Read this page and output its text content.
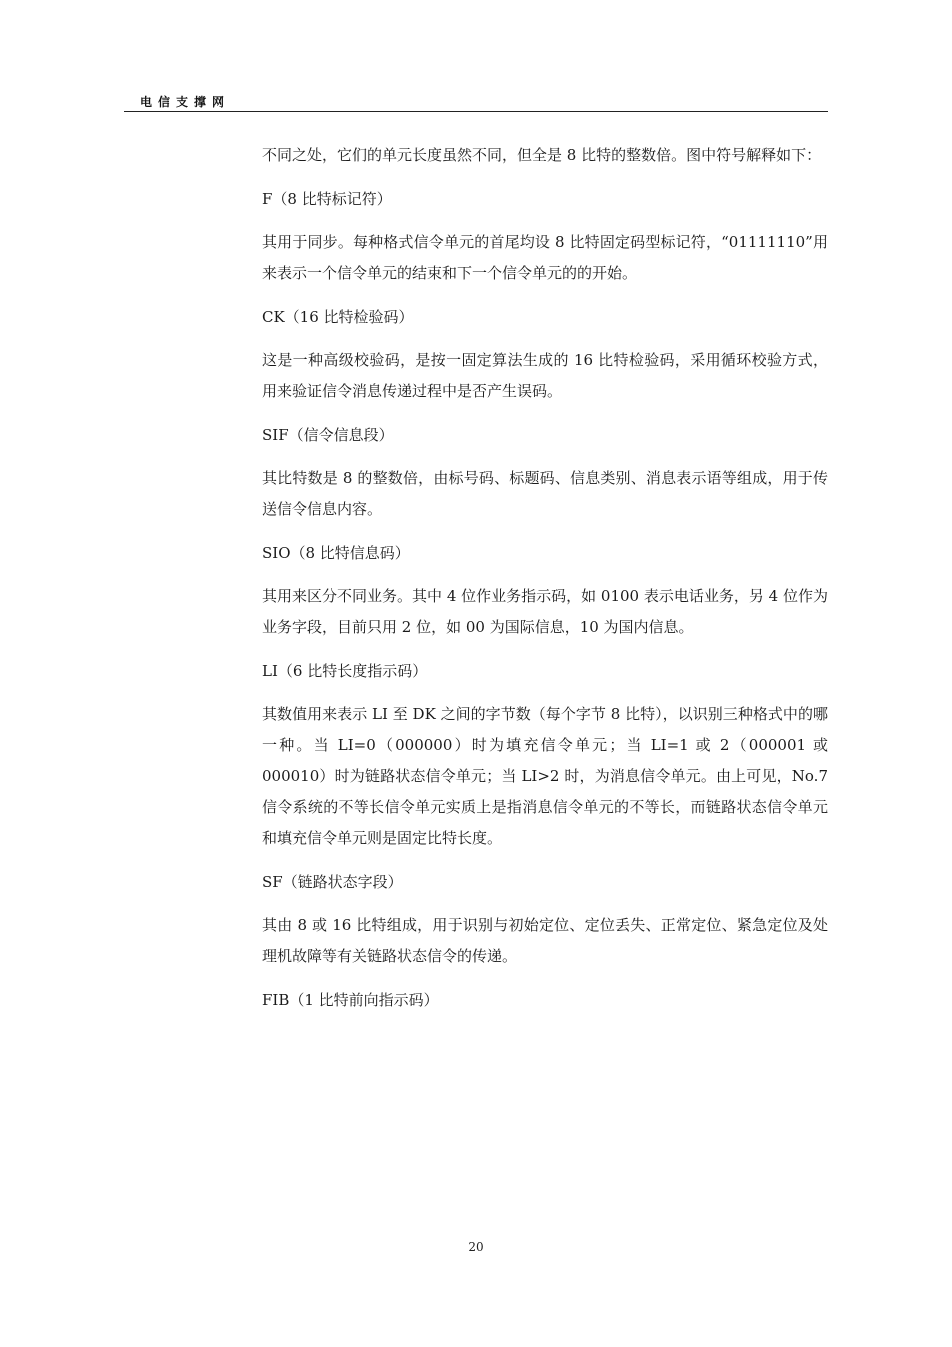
电信支撑网

不同之处，它们的单元长度虽然不同，但全是 8 比特的整数倍。图中符号解释如下：

F（8 比特标记符）

其用于同步。每种格式信令单元的首尾均设 8 比特固定码型标记符，“01111110”用来表示一个信令单元的结束和下一个信令单元的的开始。

CK（16 比特检验码）

这是一种高级校验码，是按一固定算法生成的 16 比特检验码，采用循环校验方式，用来验证信令消息传递过程中是否产生误码。

SIF（信令信息段）

其比特数是 8 的整数倍，由标号码、标题码、信息类别、消息表示语等组成，用于传送信令信息内容。

SIO（8 比特信息码）

其用来区分不同业务。其中 4 位作业务指示码，如 0100 表示电话业务，另 4 位作为业务字段，目前只用 2 位，如 00 为国际信息，10 为国内信息。

LI（6 比特长度指示码）

其数值用来表示 LI 至 DK 之间的字节数（每个字节 8 比特），以识别三种格式中的哪一种。当 LI=0（000000）时为填充信令单元；当 LI=1 或 2（000001 或 000010）时为链路状态信令单元；当 LI>2 时，为消息信令单元。由上可见，No.7 信令系统的不等长信令单元实质上是指消息信令单元的不等长，而链路状态信令单元和填充信令单元则是固定比特长度。

SF（链路状态字段）

其由 8 或 16 比特组成，用于识别与初始定位、定位丢失、正常定位、紧急定位及处理机故障等有关链路状态信令的传递。

FIB（1 比特前向指示码）

20
